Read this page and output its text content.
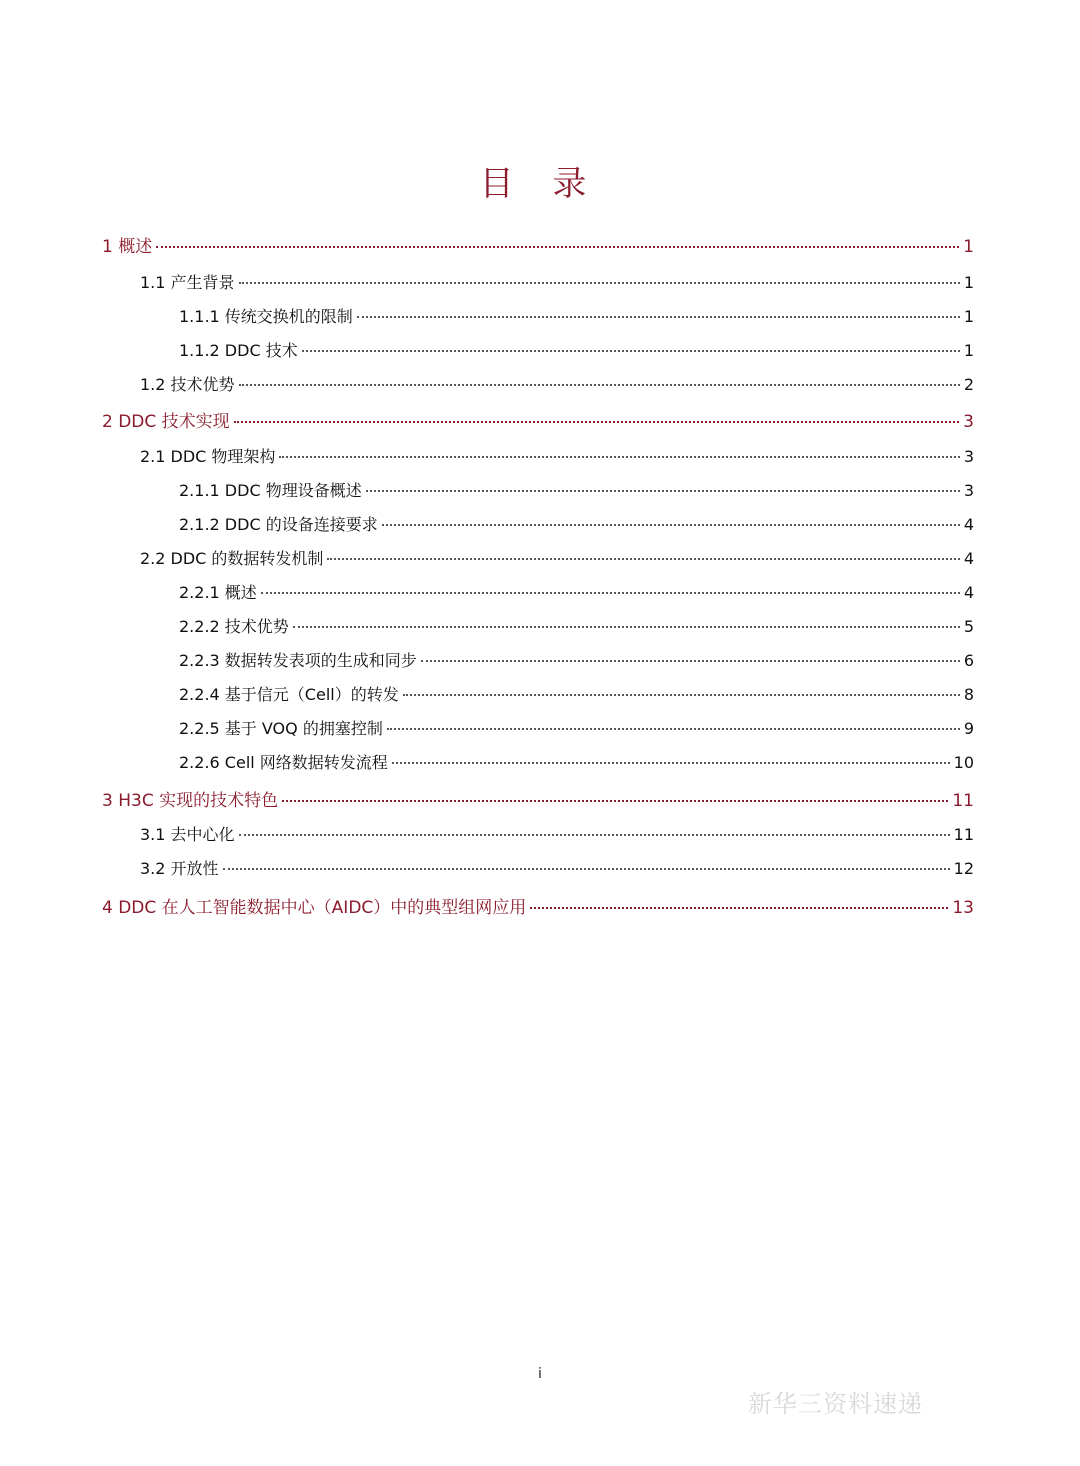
目 录
1 概述	1
1.1 产生背景	1
1.1.1 传统交换机的限制	1
1.1.2 DDC 技术	1
1.2 技术优势	2
2 DDC 技术实现	3
2.1 DDC 物理架构	3
2.1.1 DDC 物理设备概述	3
2.1.2 DDC 的设备连接要求	4
2.2 DDC 的数据转发机制	4
2.2.1 概述	4
2.2.2 技术优势	5
2.2.3 数据转发表项的生成和同步	6
2.2.4 基于信元（Cell）的转发	8
2.2.5 基于 VOQ 的拥塞控制	9
2.2.6 Cell 网络数据转发流程	10
3 H3C 实现的技术特色	11
3.1 去中心化	11
3.2 开放性	12
4 DDC 在人工智能数据中心（AIDC）中的典型组网应用	13
i
新华三资料速递
